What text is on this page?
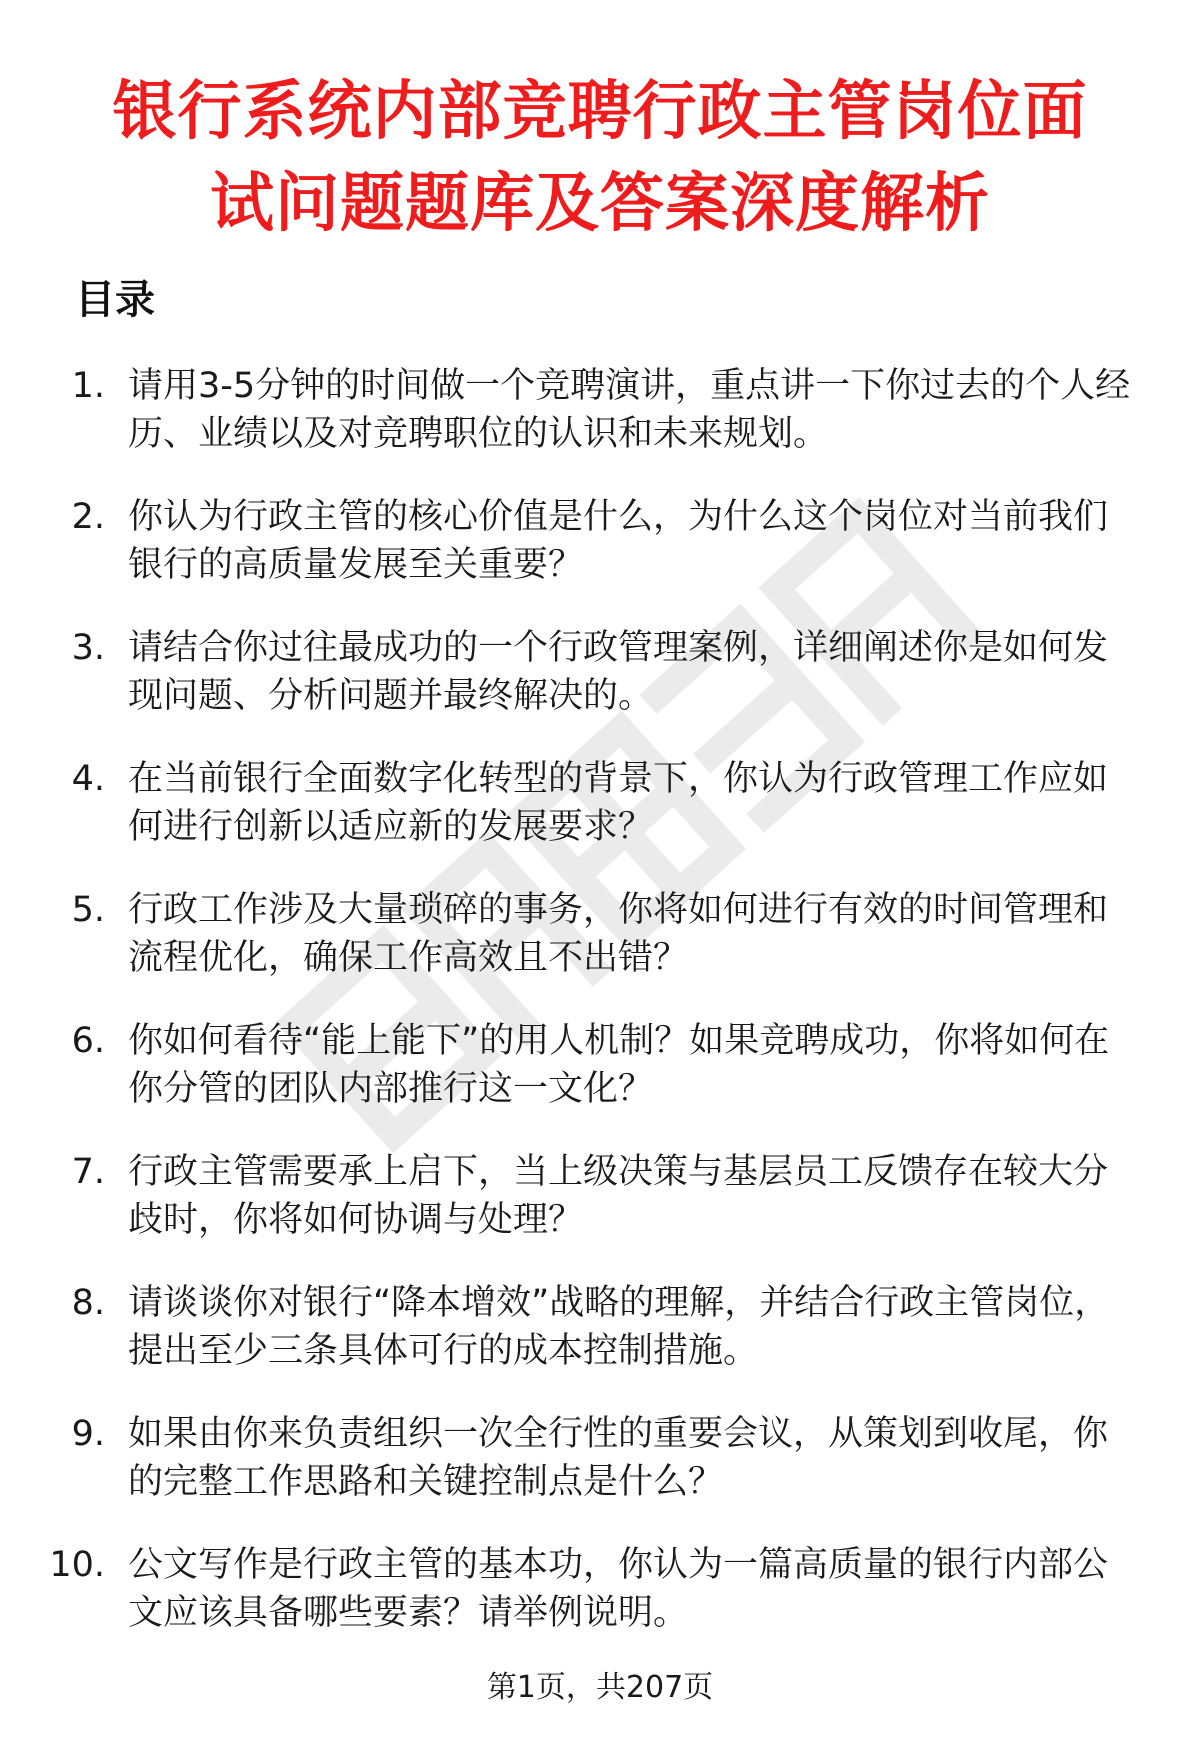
银行系统内部竞聘行政主管岗位面
试问题题库及答案深度解析
目录
1. 请用3-5分钟的时间做一个竞聘演讲，重点讲一下你过去的个人经历、业绩以及对竞聘职位的认识和未来规划。
2. 你认为行政主管的核心价值是什么，为什么这个岗位对当前我们银行的高质量发展至关重要？
3. 请结合你过往最成功的一个行政管理案例，详细阐述你是如何发现问题、分析问题并最终解决的。
4. 在当前银行全面数字化转型的背景下，你认为行政管理工作应如何进行创新以适应新的发展要求？
5. 行政工作涉及大量琐碎的事务，你将如何进行有效的时间管理和流程优化，确保工作高效且不出错？
6. 你如何看待“能上能下”的用人机制？如果竞聘成功，你将如何在你分管的团队内部推行这一文化？
7. 行政主管需要承上启下，当上级决策与基层员工反馈存在较大分歧时，你将如何协调与处理？
8. 请谈谈你对银行“降本增效”战略的理解，并结合行政主管岗位，提出至少三条具体可行的成本控制措施。
9. 如果由你来负责组织一次全行性的重要会议，从策划到收尾，你的完整工作思路和关键控制点是什么？
10. 公文写作是行政主管的基本功，你认为一篇高质量的银行内部公文应该具备哪些要素？请举例说明。
第1页，共207页
